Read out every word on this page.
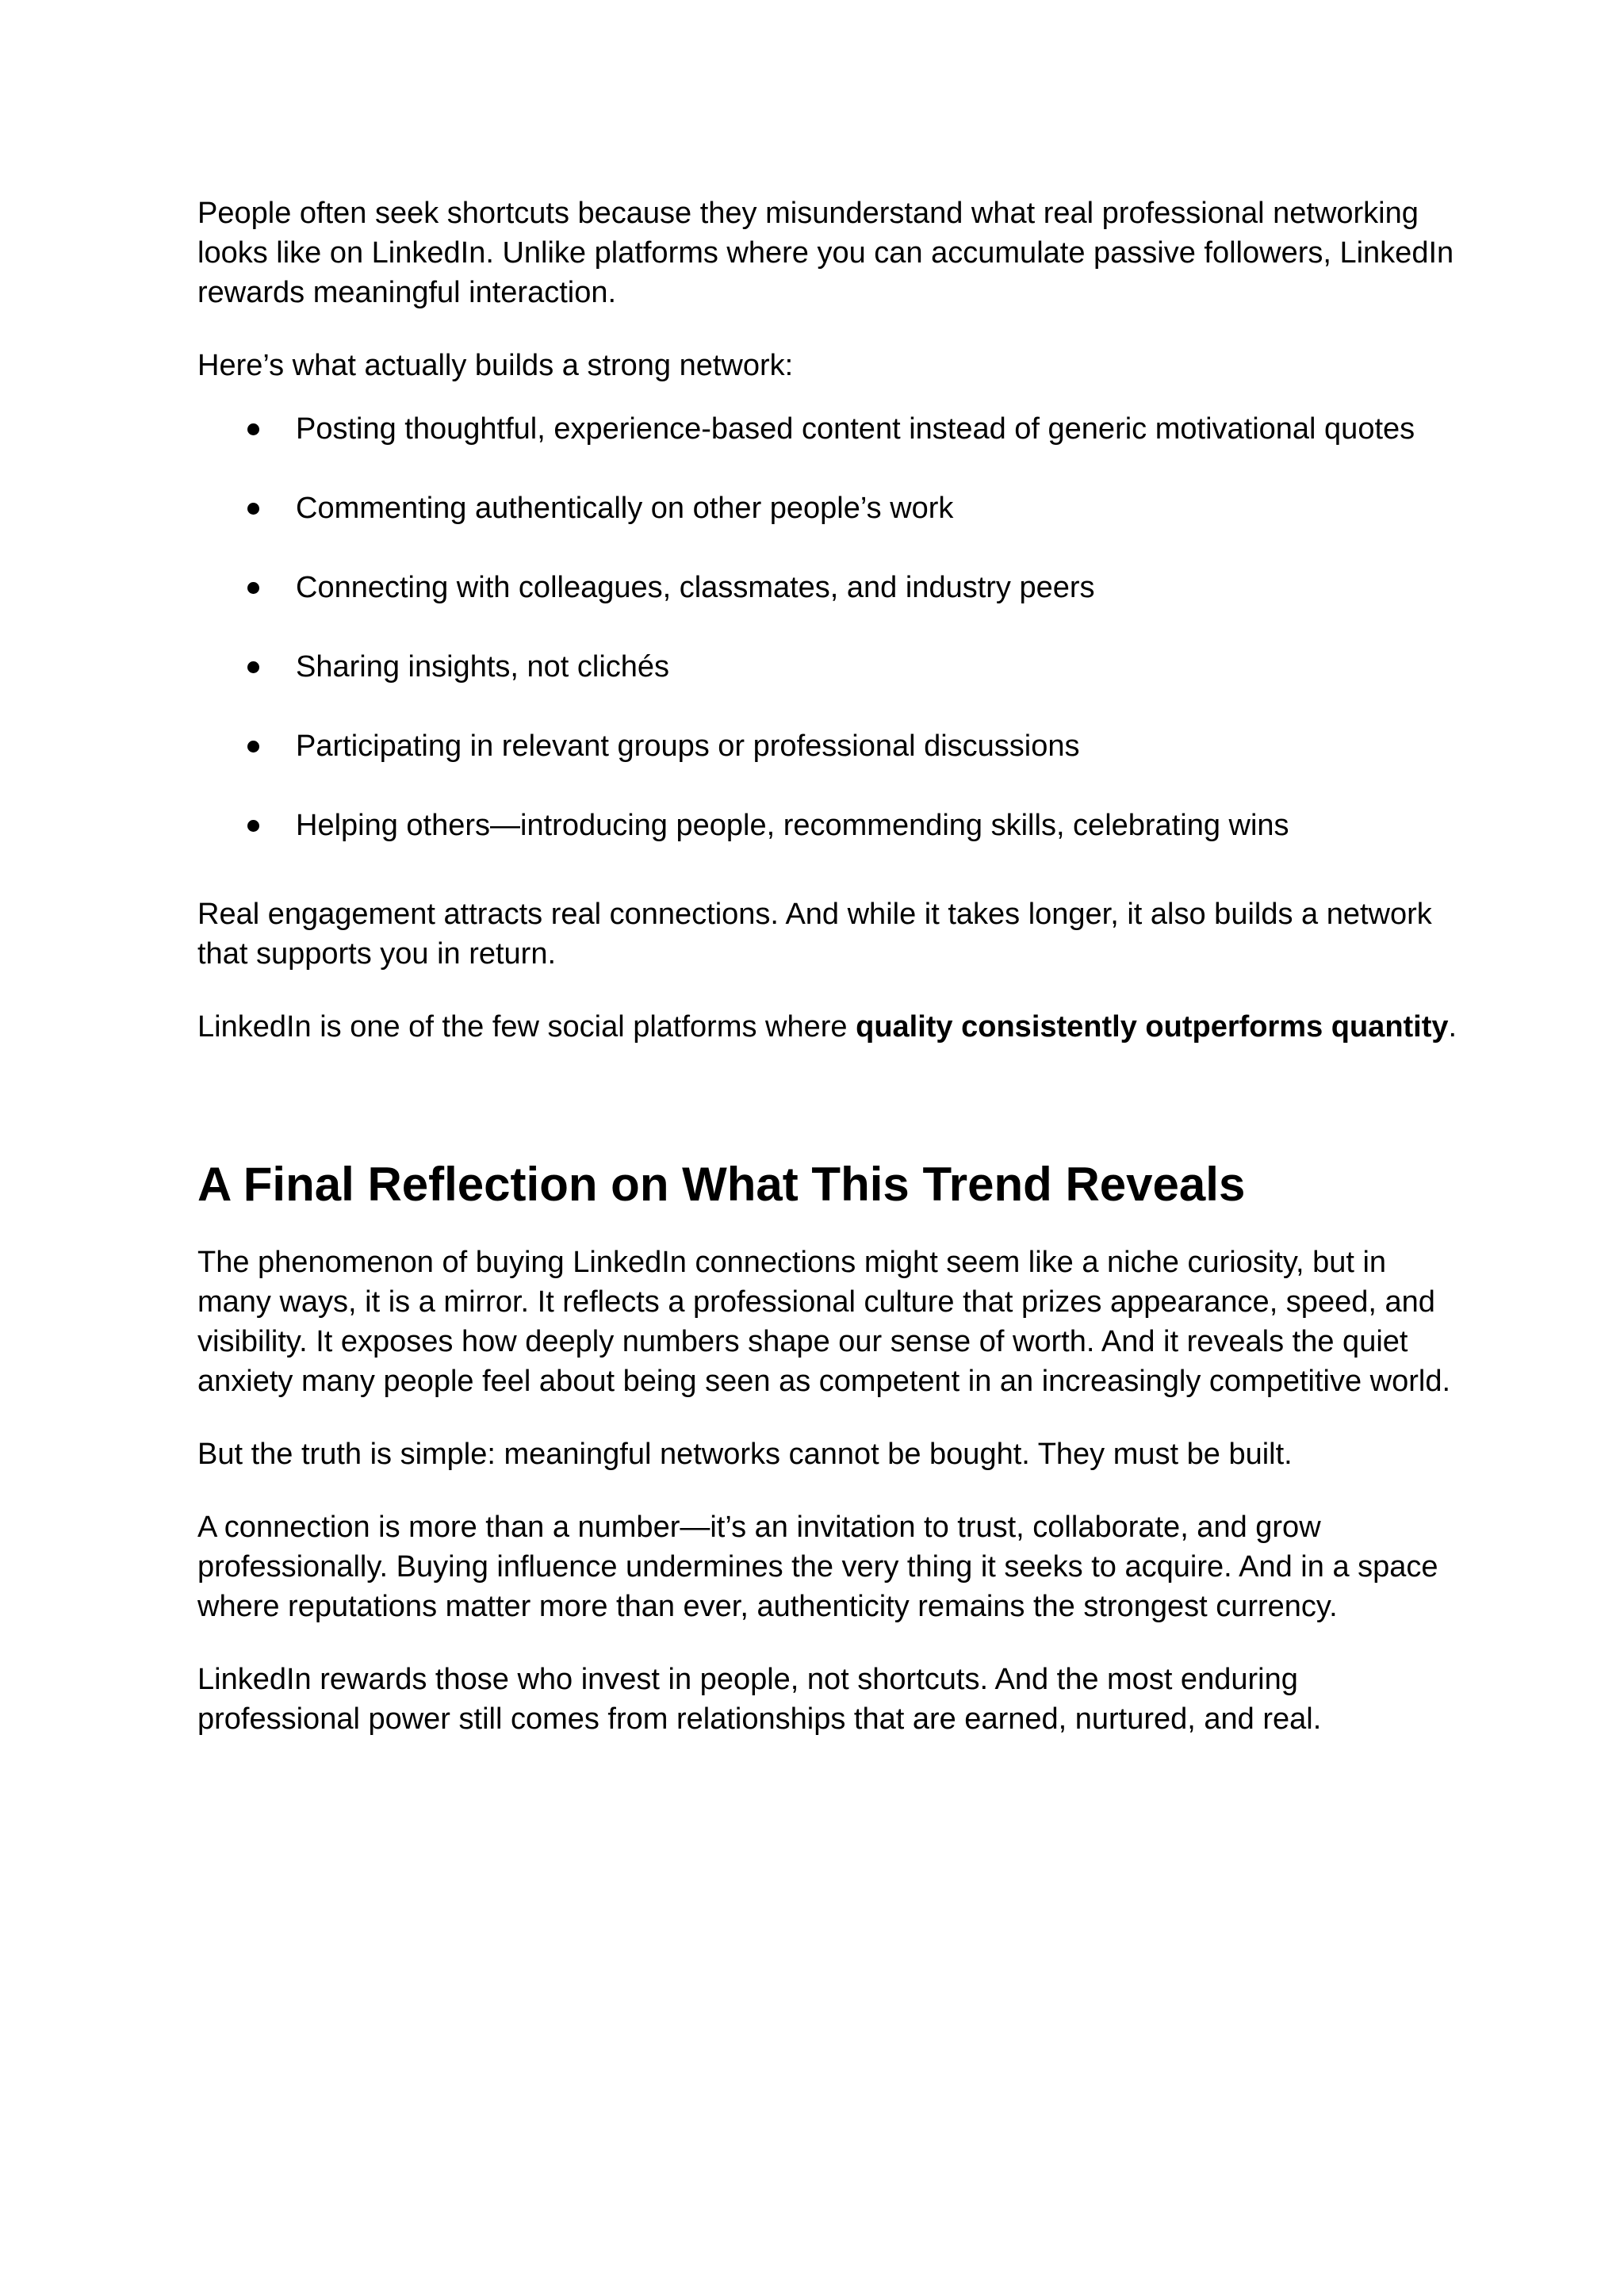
People often seek shortcuts because they misunderstand what real professional networking looks like on LinkedIn. Unlike platforms where you can accumulate passive followers, LinkedIn rewards meaningful interaction.

Here’s what actually builds a strong network:

Posting thoughtful, experience-based content instead of generic motivational quotes
Commenting authentically on other people’s work
Connecting with colleagues, classmates, and industry peers
Sharing insights, not clichés
Participating in relevant groups or professional discussions
Helping others—introducing people, recommending skills, celebrating wins

Real engagement attracts real connections. And while it takes longer, it also builds a network that supports you in return.

LinkedIn is one of the few social platforms where quality consistently outperforms quantity.

A Final Reflection on What This Trend Reveals

The phenomenon of buying LinkedIn connections might seem like a niche curiosity, but in many ways, it is a mirror. It reflects a professional culture that prizes appearance, speed, and visibility. It exposes how deeply numbers shape our sense of worth. And it reveals the quiet anxiety many people feel about being seen as competent in an increasingly competitive world.

But the truth is simple: meaningful networks cannot be bought. They must be built.

A connection is more than a number—it’s an invitation to trust, collaborate, and grow professionally. Buying influence undermines the very thing it seeks to acquire. And in a space where reputations matter more than ever, authenticity remains the strongest currency.

LinkedIn rewards those who invest in people, not shortcuts. And the most enduring professional power still comes from relationships that are earned, nurtured, and real.
